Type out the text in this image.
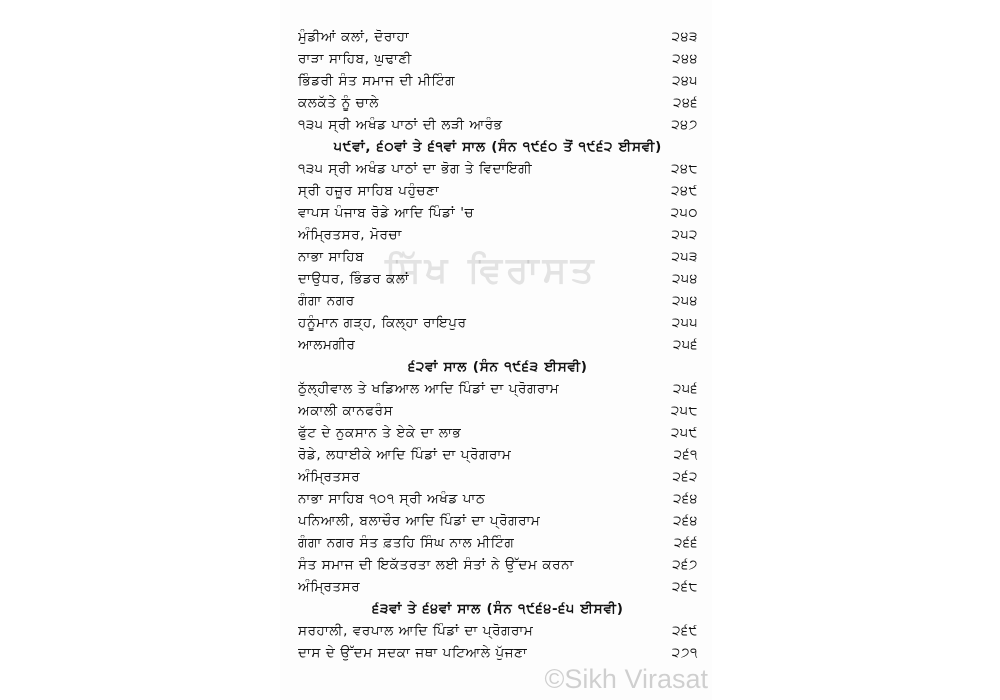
ਮੁੰਡੀਆਂ ਕਲਾਂ, ਦੋਰਾਹਾ	੨੪੩
ਰਾੜਾ ਸਾਹਿਬ, ਘੁਢਾਣੀ	੨੪੪
ਭਿੰਡਰੀ ਸੰਤ ਸਮਾਜ ਦੀ ਮੀਟਿੰਗ	੨੪੫
ਕਲਕੱਤੇ ਨੂੰ ਚਾਲੇ	੨੪੬
੧੩੫ ਸ੍ਰੀ ਅਖੰਡ ਪਾਠਾਂ ਦੀ ਲੜੀ ਆਰੰਭ	੨੪੭
੫੯ਵਾਂ, ੬੦ਵਾਂ ਤੇ ੬੧ਵਾਂ ਸਾਲ (ਸੰਨ ੧੯੬੦ ਤੋਂ ੧੯੬੨ ਈਸਵੀ)
੧੩੫ ਸ੍ਰੀ ਅਖੰਡ ਪਾਠਾਂ ਦਾ ਭੋਗ ਤੇ ਵਿਦਾਇਗੀ	੨੪੮
ਸ੍ਰੀ ਹਜ਼ੂਰ ਸਾਹਿਬ ਪਹੁੰਚਣਾ	੨੪੯
ਵਾਪਸ ਪੰਜਾਬ ਰੋਡੇ ਆਦਿ ਪਿੰਡਾਂ 'ਚ	੨੫੦
ਅੰਮ੍ਰਿਤਸਰ, ਮੋਰਚਾ	੨੫੨
ਨਾਭਾ ਸਾਹਿਬ	੨੫੩
ਦਾਉਧਰ, ਭਿੰਡਰ ਕਲਾਂ	੨੫੪
ਗੰਗਾ ਨਗਰ	੨੫੪
ਹਨੂੰਮਾਨ ਗੜ੍ਹ, ਕਿਲ੍ਹਾ ਰਾਇਪੁਰ	੨੫੫
ਆਲਮਗੀਰ	੨੫੬
੬੨ਵਾਂ ਸਾਲ (ਸੰਨ ੧੯੬੩ ਈਸਵੀ)
ਠੁੱਲ੍ਹੀਵਾਲ ਤੇ ਖਡਿਆਲ ਆਦਿ ਪਿੰਡਾਂ ਦਾ ਪ੍ਰੋਗਰਾਮ	੨੫੬
ਅਕਾਲੀ ਕਾਨਫਰੰਸ	੨੫੮
ਫੁੱਟ ਦੇ ਨੁਕਸਾਨ ਤੇ ਏਕੇ ਦਾ ਲਾਭ	੨੫੯
ਰੋਡੇ, ਲਧਾਈਕੇ ਆਦਿ ਪਿੰਡਾਂ ਦਾ ਪ੍ਰੋਗਰਾਮ	੨੬੧
ਅੰਮ੍ਰਿਤਸਰ	੨੬੨
ਨਾਭਾ ਸਾਹਿਬ ੧੦੧ ਸ੍ਰੀ ਅਖੰਡ ਪਾਠ	੨੬੪
ਪਨਿਆਲੀ, ਬਲਾਚੌਰ ਆਦਿ ਪਿੰਡਾਂ ਦਾ ਪ੍ਰੋਗਰਾਮ	੨੬੪
ਗੰਗਾ ਨਗਰ ਸੰਤ ਫ਼ਤਹਿ ਸਿੰਘ ਨਾਲ ਮੀਟਿੰਗ	੨੬੬
ਸੰਤ ਸਮਾਜ ਦੀ ਇਕੱਤਰਤਾ ਲਈ ਸੰਤਾਂ ਨੇ ਉੱਦਮ ਕਰਨਾ	੨੬੭
ਅੰਮ੍ਰਿਤਸਰ	੨੬੮
੬੩ਵਾਂ ਤੇ ੬੪ਵਾਂ ਸਾਲ (ਸੰਨ ੧੯੬੪-੬੫ ਈਸਵੀ)
ਸਰਹਾਲੀ, ਵਰਪਾਲ ਆਦਿ ਪਿੰਡਾਂ ਦਾ ਪ੍ਰੋਗਰਾਮ	੨੬੯
ਦਾਸ ਦੇ ਉੱਦਮ ਸਦਕਾ ਜਥਾ ਪਟਿਆਲੇ ਪੁੱਜਣਾ	੨੭੧
ਸਿੱਖ ਵਿਰਾਸਤ
©Sikh Virasat
